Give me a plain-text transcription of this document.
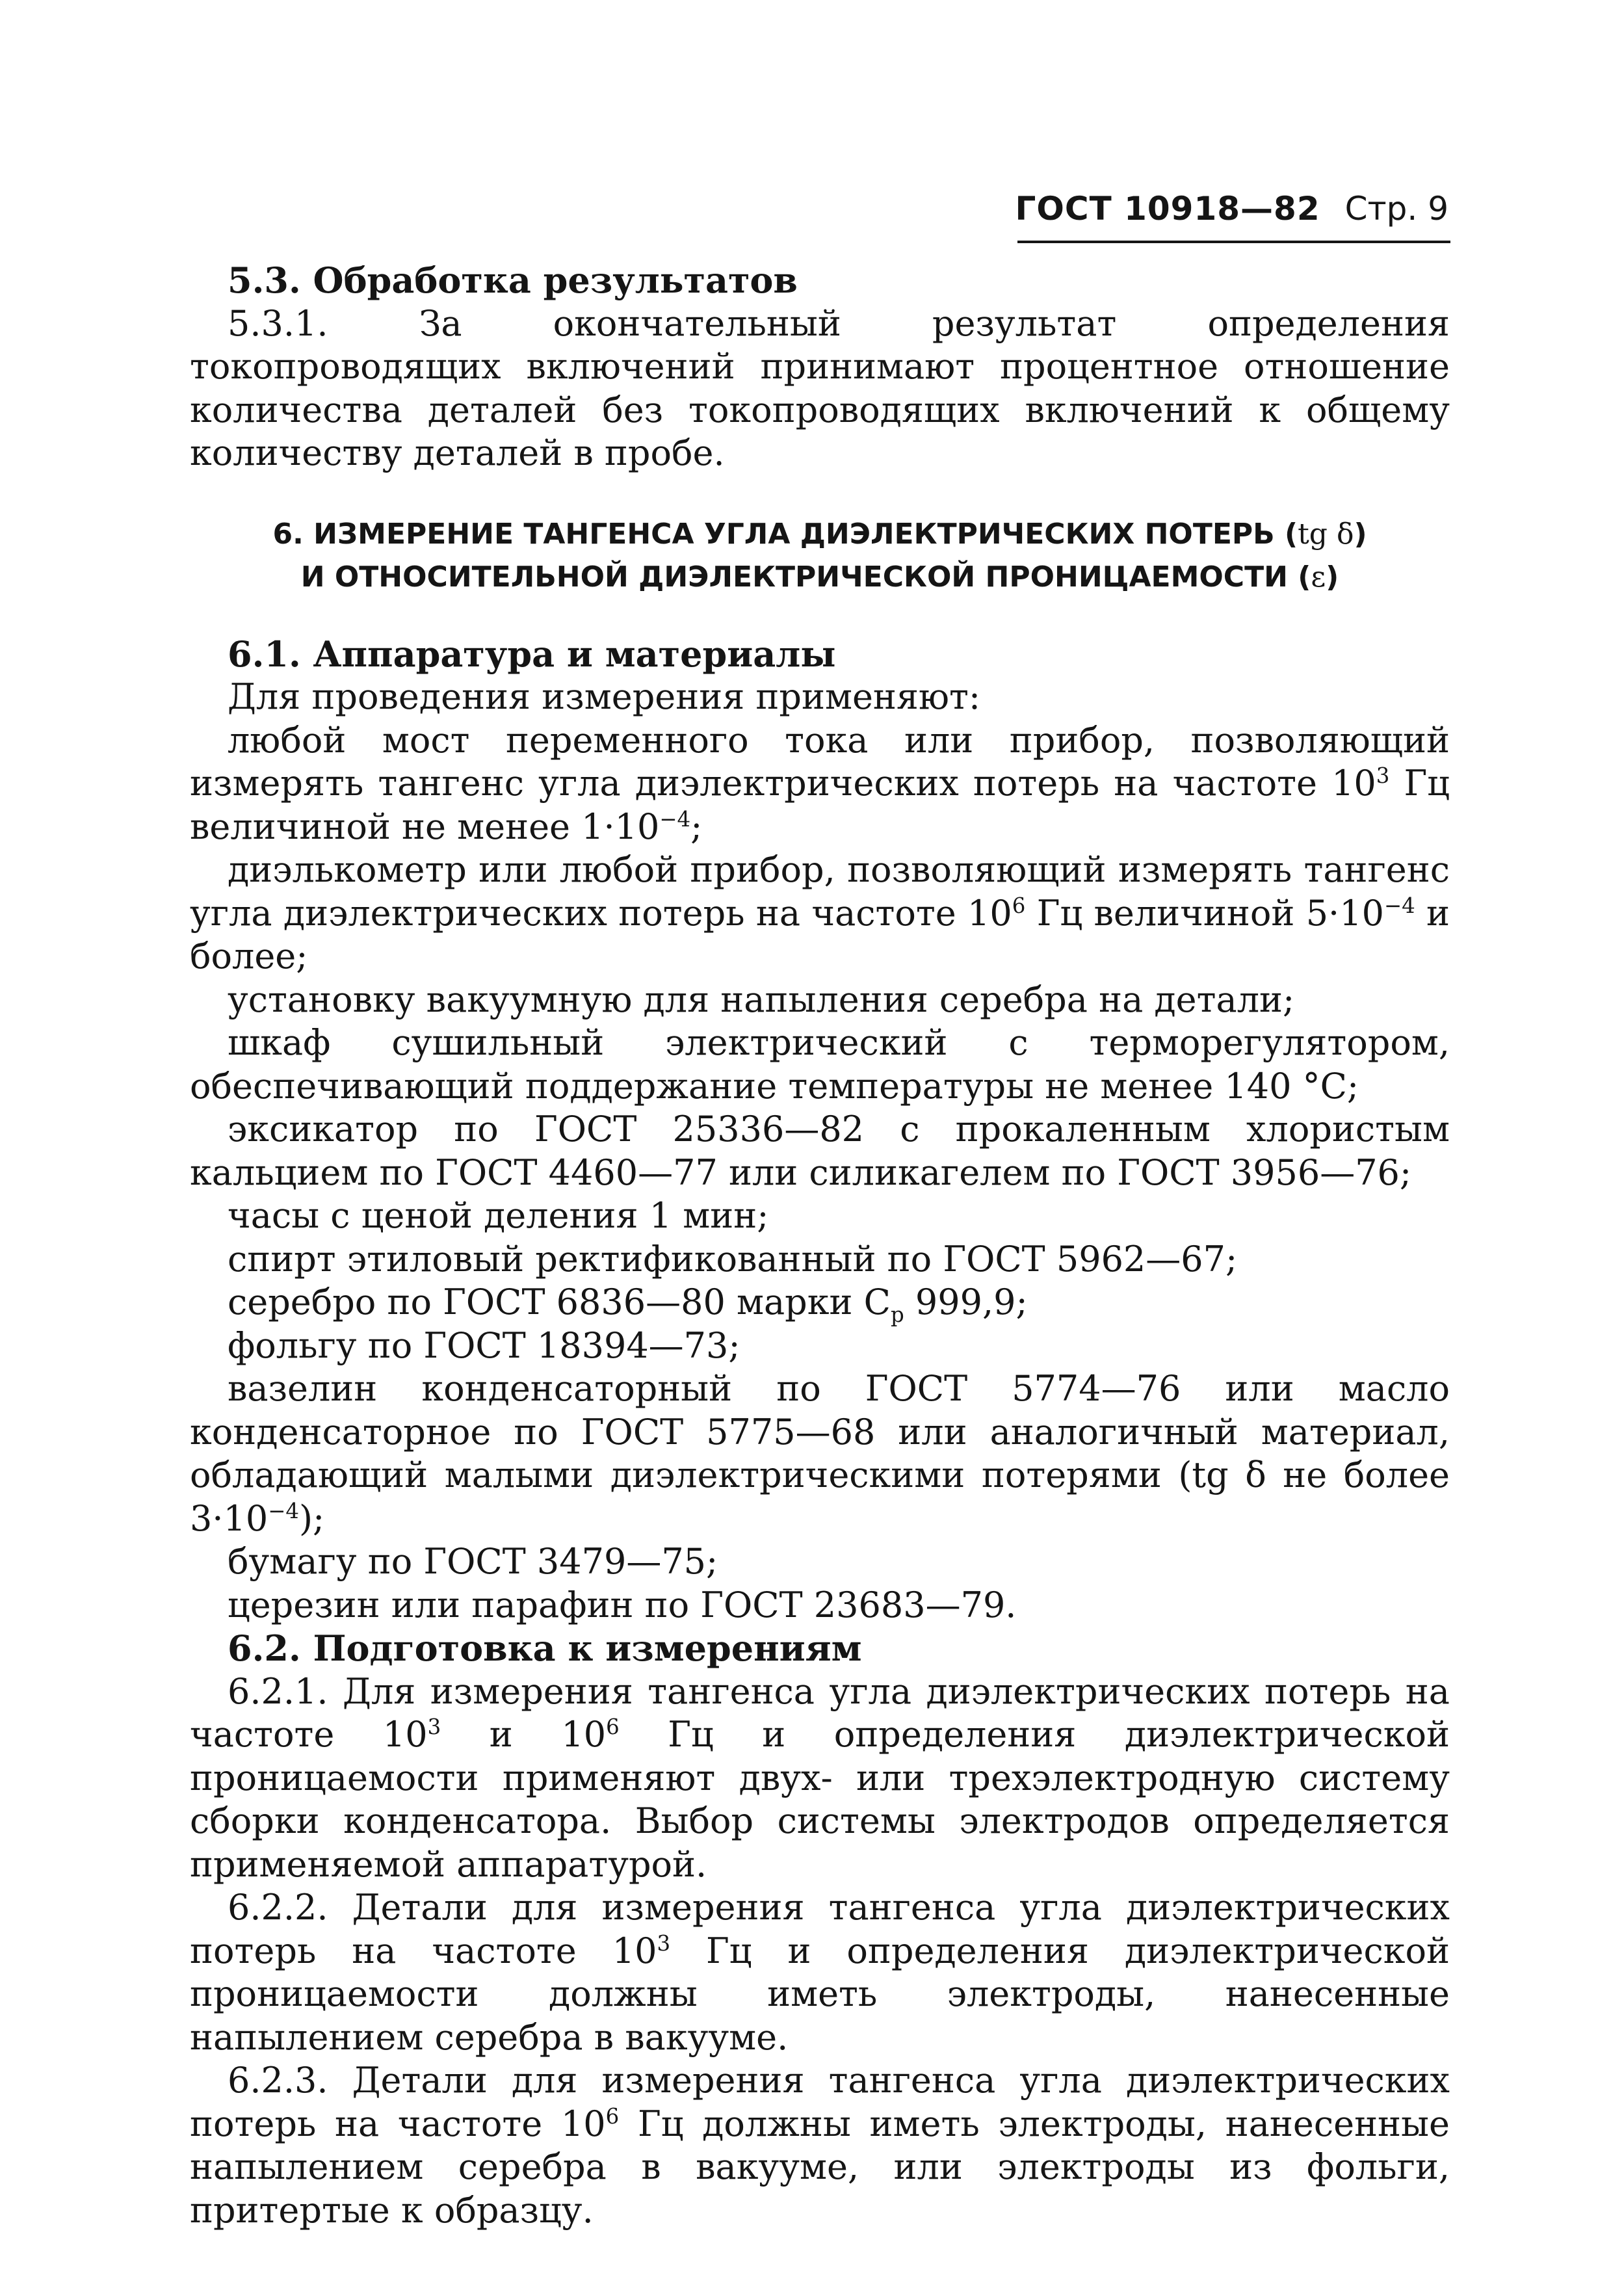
ГОСТ 10918—82 Стр. 9

5.3. Обработка результатов

5.3.1. За окончательный результат определения токопроводящих включений принимают процентное отношение количества деталей без токопроводящих включений к общему количеству деталей в пробе.

6. ИЗМЕРЕНИЕ ТАНГЕНСА УГЛА ДИЭЛЕКТРИЧЕСКИХ ПОТЕРЬ (tg δ)
И ОТНОСИТЕЛЬНОЙ ДИЭЛЕКТРИЧЕСКОЙ ПРОНИЦАЕМОСТИ (ε)

6.1. Аппаратура и материалы

Для проведения измерения применяют:

любой мост переменного тока или прибор, позволяющий измерять тангенс угла диэлектрических потерь на частоте $10^3$ Гц величиной не менее $1\cdot 10^{-4}$;

диэлькометр или любой прибор, позволяющий измерять тангенс угла диэлектрических потерь на частоте $10^6$ Гц величиной $5\cdot 10^{-4}$ и более;

установку вакуумную для напыления серебра на детали;

шкаф сушильный электрический с терморегулятором, обеспечивающий поддержание температуры не менее 140 °С;

эксикатор по ГОСТ 25336—82 с прокаленным хлористым кальцием по ГОСТ 4460—77 или силикагелем по ГОСТ 3956—76;

часы с ценой деления 1 мин;

спирт этиловый ректификованный по ГОСТ 5962—67;

серебро по ГОСТ 6836—80 марки $С_р$ 999,9;

фольгу по ГОСТ 18394—73;

вазелин конденсаторный по ГОСТ 5774—76 или масло конденсаторное по ГОСТ 5775—68 или аналогичный материал, обладающий малыми диэлектрическими потерями (tg δ не более $3\cdot 10^{-4}$);

бумагу по ГОСТ 3479—75;

церезин или парафин по ГОСТ 23683—79.

6.2. Подготовка к измерениям

6.2.1. Для измерения тангенса угла диэлектрических потерь на частоте $10^3$ и $10^6$ Гц и определения диэлектрической проницаемости применяют двух- или трехэлектродную систему сборки конденсатора. Выбор системы электродов определяется применяемой аппаратурой.

6.2.2. Детали для измерения тангенса угла диэлектрических потерь на частоте $10^3$ Гц и определения диэлектрической проницаемости должны иметь электроды, нанесенные напылением серебра в вакууме.

6.2.3. Детали для измерения тангенса угла диэлектрических потерь на частоте $10^6$ Гц должны иметь электроды, нанесенные напылением серебра в вакууме, или электроды из фольги, притертые к образцу.
